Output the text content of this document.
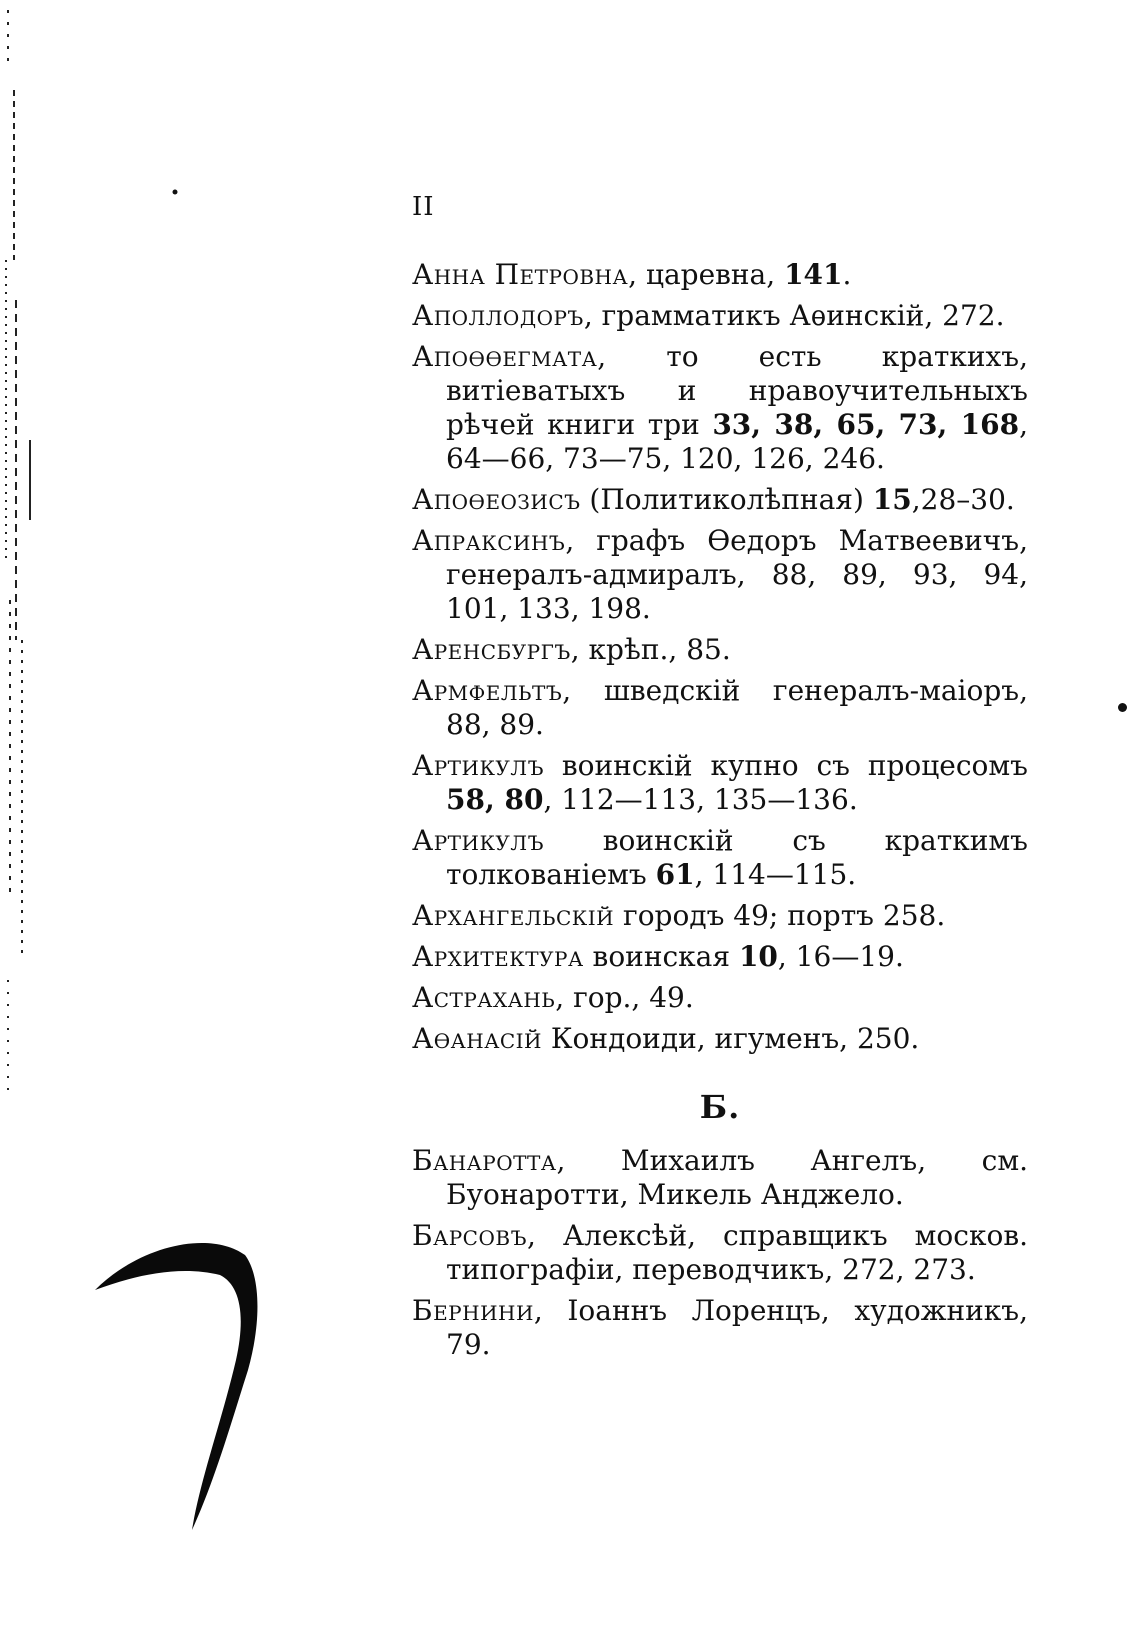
II

Анна Петровна, царевна, 141.

Аполлодоръ, грамматикъ Аѳинскій, 272.

Апоѳѳегмата, то есть краткихъ, витіеватыхъ и нравоучительныхъ рѣчей книги три 33, 38, 65, 73, 168, 64—66, 73—75, 120, 126, 246.

Апоѳеозисъ (Политиколѣпная) 15,28–30.

Апраксинъ, графъ Ѳедоръ Матвеевичъ, генералъ-адмиралъ, 88, 89, 93, 94, 101, 133, 198.

Аренсбургъ, крѣп., 85.

Армфельтъ, шведскій генералъ-маіоръ, 88, 89.

Артикулъ воинскій купно съ процесомъ 58, 80, 112—113, 135—136.

Артикулъ воинскій съ краткимъ толкованіемъ 61, 114—115.

Архангельскій городъ 49; портъ 258.

Архитектура воинская 10, 16—19.

Астрахань, гор., 49.

Аѳанасій Кондоиди, игуменъ, 250.

Б.

Банаротта, Михаилъ Ангелъ, см. Буонаротти, Микель Анджело.

Барсовъ, Алексѣй, справщикъ москов. типографіи, переводчикъ, 272, 273.

Бернини, Іоаннъ Лоренцъ, художникъ, 79.
